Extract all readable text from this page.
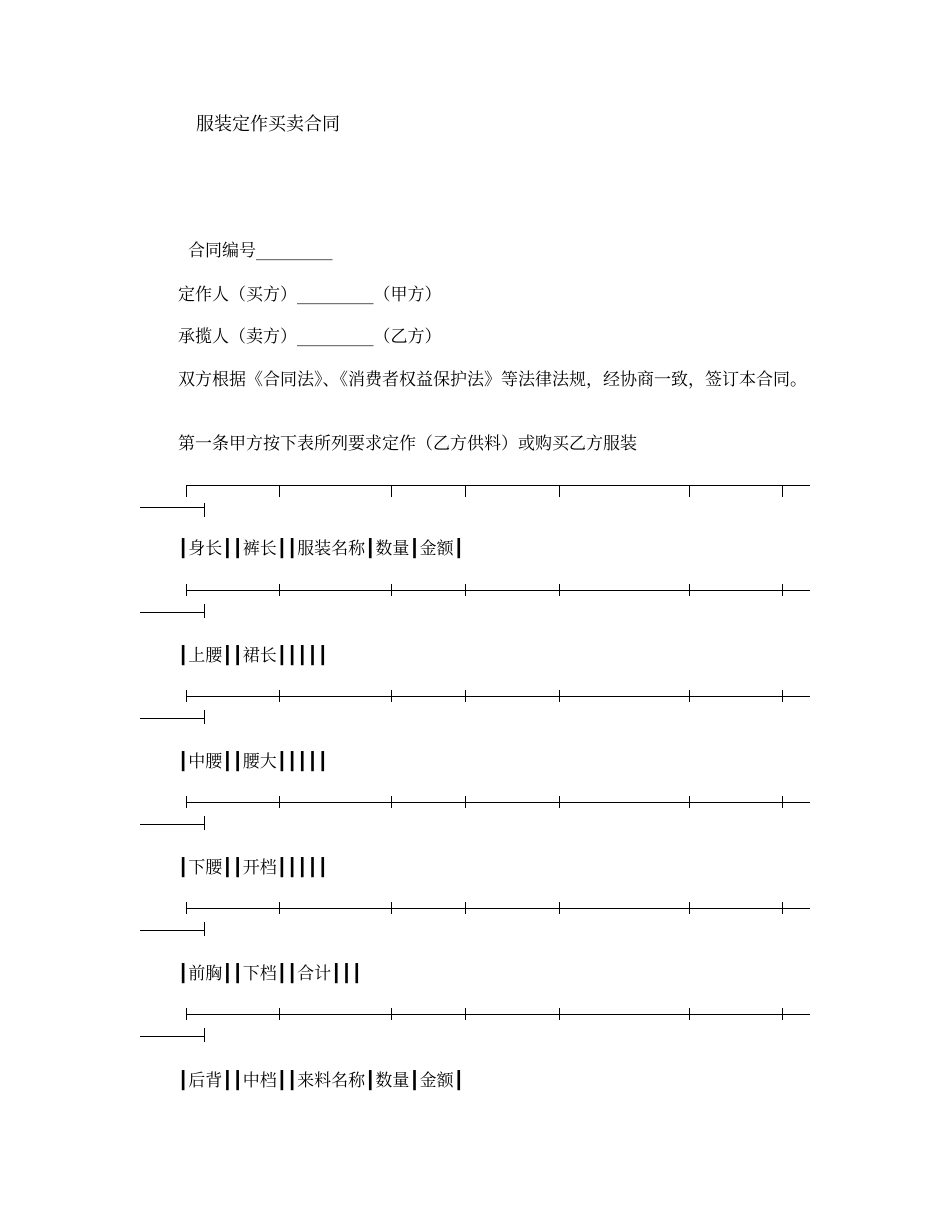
服装定作买卖合同

合同编号_________

定作人（买方）_________（甲方）

承揽人（卖方）_________（乙方）

双方根据《合同法》、《消费者权益保护法》等法律法规，经协商一致，签订本合同。

第一条甲方按下表所列要求定作（乙方供料）或购买乙方服装

┃身长┃┃裤长┃┃服装名称┃数量┃金额┃

┃上腰┃┃裙长┃┃┃┃┃

┃中腰┃┃腰大┃┃┃┃┃

┃下腰┃┃开档┃┃┃┃┃

┃前胸┃┃下档┃┃合计┃┃┃

┃后背┃┃中档┃┃来料名称┃数量┃金额┃
